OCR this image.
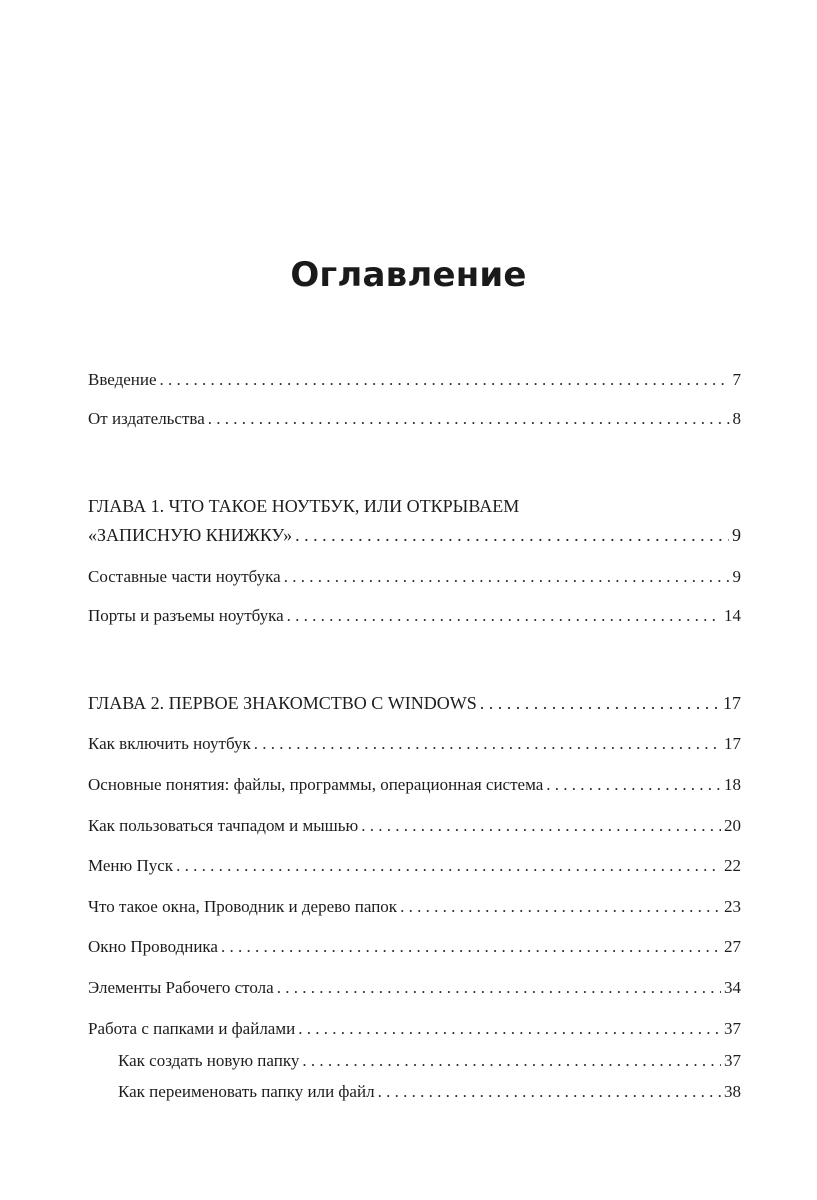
Оглавление
Введение . . .	7
От издательства . . .	8
ГЛАВА 1. ЧТО ТАКОЕ НОУТБУК, ИЛИ ОТКРЫВАЕМ
«ЗАПИСНУЮ КНИЖКУ» . . .	9
Составные части ноутбука . . .	9
Порты и разъемы ноутбука . . .	14
ГЛАВА 2. ПЕРВОЕ ЗНАКОМСТВО С WINDOWS . . .	17
Как включить ноутбук . . .	17
Основные понятия: файлы, программы, операционная система . . .	18
Как пользоваться тачпадом и мышью . . .	20
Меню Пуск . . .	22
Что такое окна, Проводник и дерево папок . . .	23
Окно Проводника . . .	27
Элементы Рабочего стола . . .	34
Работа с папками и файлами . . .	37
Как создать новую папку . . .	37
Как переименовать папку или файл . . .	38
